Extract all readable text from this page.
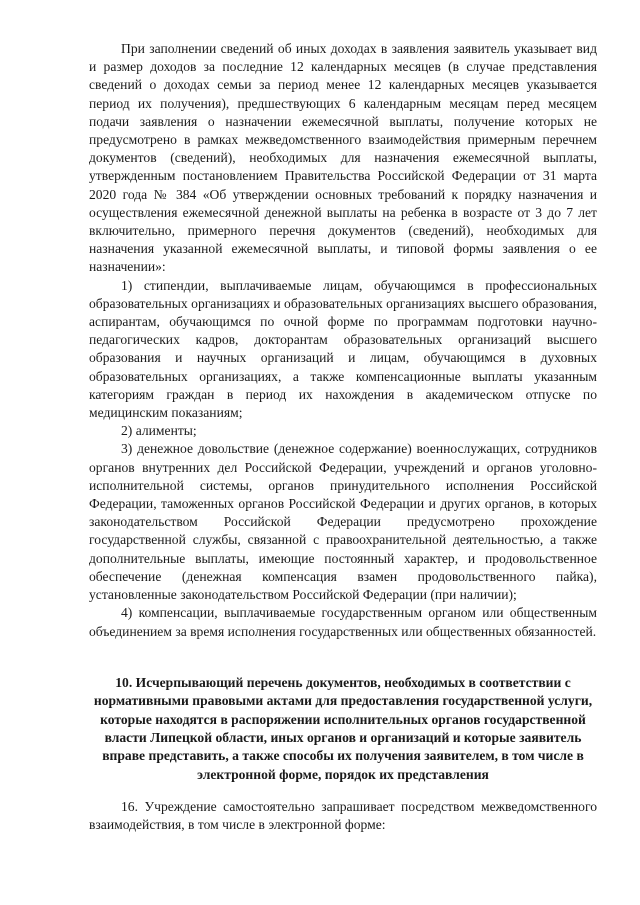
При заполнении сведений об иных доходах в заявления заявитель указывает вид и размер доходов за последние 12 календарных месяцев (в случае представления сведений о доходах семьи за период менее 12 календарных месяцев указывается период их получения), предшествующих 6 календарным месяцам перед месяцем подачи заявления о назначении ежемесячной выплаты, получение которых не предусмотрено в рамках межведомственного взаимодействия примерным перечнем документов (сведений), необходимых для назначения ежемесячной выплаты, утвержденным постановлением Правительства Российской Федерации от 31 марта 2020 года № 384 «Об утверждении основных требований к порядку назначения и осуществления ежемесячной денежной выплаты на ребенка в возрасте от 3 до 7 лет включительно, примерного перечня документов (сведений), необходимых для назначения указанной ежемесячной выплаты, и типовой формы заявления о ее назначении»:

1) стипендии, выплачиваемые лицам, обучающимся в профессиональных образовательных организациях и образовательных организациях высшего образования, аспирантам, обучающимся по очной форме по программам подготовки научно-педагогических кадров, докторантам образовательных организаций высшего образования и научных организаций и лицам, обучающимся в духовных образовательных организациях, а также компенсационные выплаты указанным категориям граждан в период их нахождения в академическом отпуске по медицинским показаниям;

2) алименты;

3) денежное довольствие (денежное содержание) военнослужащих, сотрудников органов внутренних дел Российской Федерации, учреждений и органов уголовно-исполнительной системы, органов принудительного исполнения Российской Федерации, таможенных органов Российской Федерации и других органов, в которых законодательством Российской Федерации предусмотрено прохождение государственной службы, связанной с правоохранительной деятельностью, а также дополнительные выплаты, имеющие постоянный характер, и продовольственное обеспечение (денежная компенсация взамен продовольственного пайка), установленные законодательством Российской Федерации (при наличии);

4) компенсации, выплачиваемые государственным органом или общественным объединением за время исполнения государственных или общественных обязанностей.

10. Исчерпывающий перечень документов, необходимых в соответствии с нормативными правовыми актами для предоставления государственной услуги, которые находятся в распоряжении исполнительных органов государственной власти Липецкой области, иных органов и организаций и которые заявитель вправе представить, а также способы их получения заявителем, в том числе в электронной форме, порядок их представления

16. Учреждение самостоятельно запрашивает посредством межведомственного взаимодействия, в том числе в электронной форме:
